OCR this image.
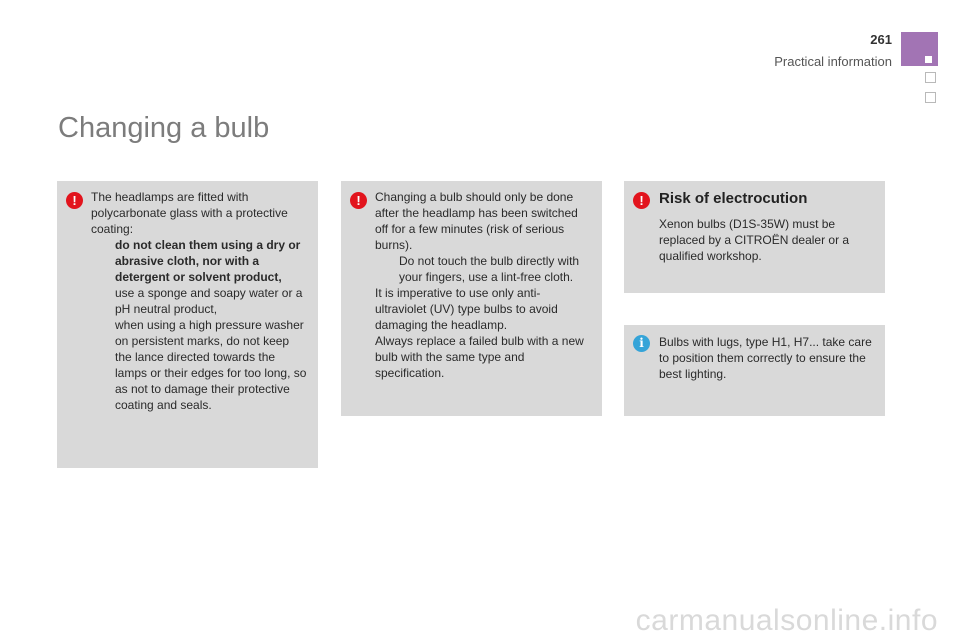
261
Practical information
Changing a bulb
!	The headlamps are fitted with polycarbonate glass with a protective coating:

do not clean them using a dry or abrasive cloth, nor with a detergent or solvent product,
use a sponge and soapy water or a pH neutral product,
when using a high pressure washer on persistent marks, do not keep the lance directed towards the lamps or their edges for too long, so as not to damage their protective coating and seals.
!	Changing a bulb should only be done after the headlamp has been switched off for a few minutes (risk of serious burns).

Do not touch the bulb directly with your fingers, use a lint-free cloth.

It is imperative to use only anti-ultraviolet (UV) type bulbs to avoid damaging the headlamp.

Always replace a failed bulb with a new bulb with the same type and specification.

!	Risk of electrocution

Xenon bulbs (D1S-35W) must be replaced by a CITROËN dealer or a qualified workshop.

i	Bulbs with lugs, type H1, H7... take care to position them correctly to ensure the best lighting.

carmanualsonline.info
